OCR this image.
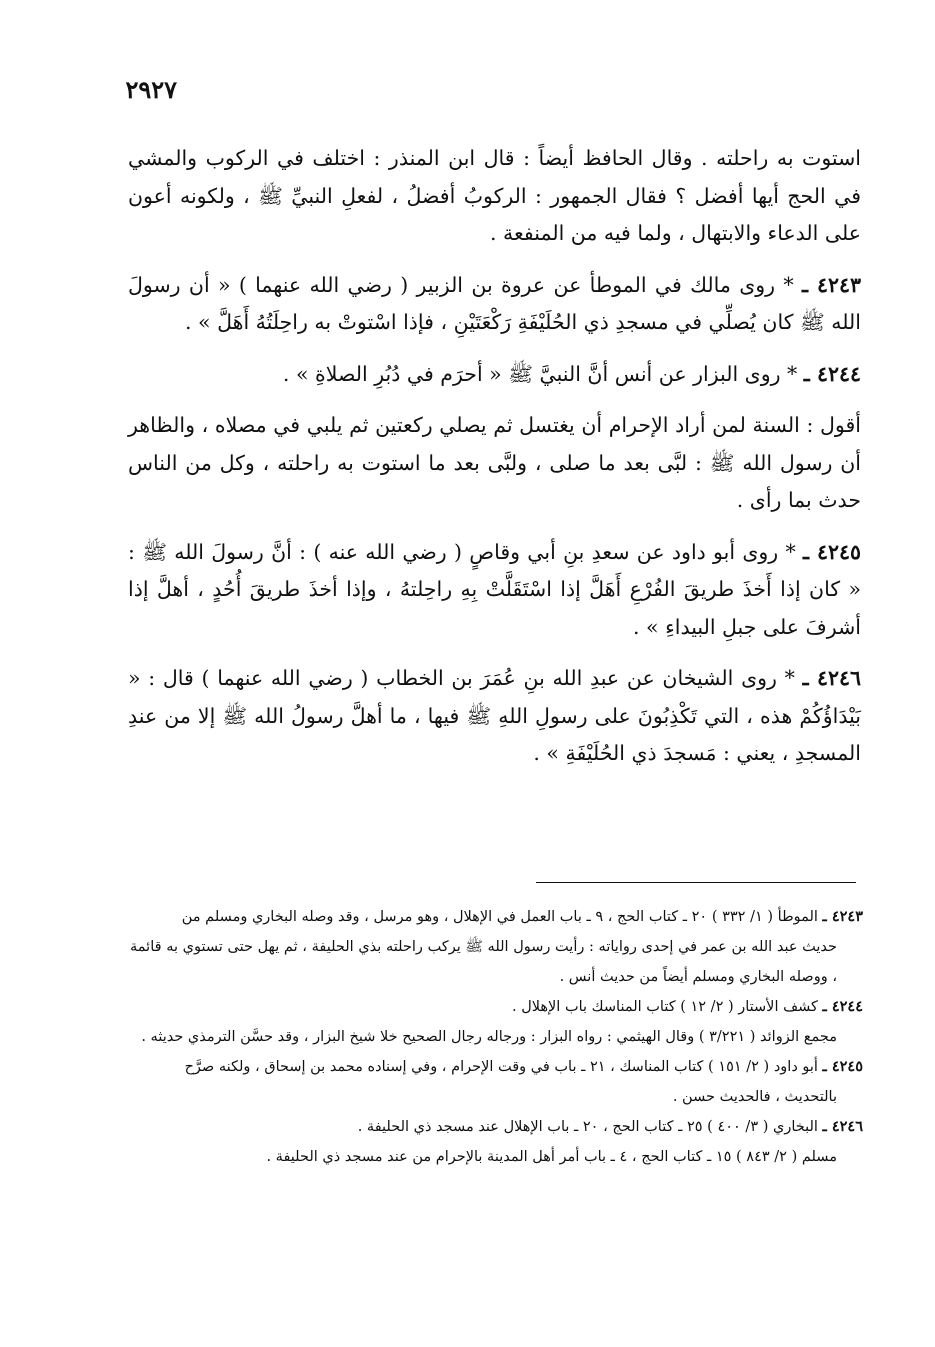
٢٩٢٧

استوت به راحلته . وقال الحافظ أيضاً : قال ابن المنذر : اختلف في الركوب والمشي في الحج أيها أفضل ؟ فقال الجمهور : الركوبُ أفضلُ ، لفعلِ النبيِّ ﷺ ، ولكونه أعون على الدعاء والابتهال ، ولما فيه من المنفعة .

٤٢٤٣ ـ * روى مالك في الموطأ عن عروة بن الزبير ( رضي الله عنهما ) « أن رسولَ الله ﷺ كان يُصلِّي في مسجدِ ذي الحُلَيْفَةِ رَكْعَتَيْنِ ، فإذا اسْتوتْ به راحِلَتُهُ أَهَلَّ » .

٤٢٤٤ ـ * روى البزار عن أنس أنَّ النبيَّ ﷺ « أحرَم في دُبُرِ الصلاةِ » .

أقول : السنة لمن أراد الإحرام أن يغتسل ثم يصلي ركعتين ثم يلبي في مصلاه ، والظاهر أن رسول الله ﷺ : لبَّى بعد ما صلى ، ولبَّى بعد ما استوت به راحلته ، وكل من الناس حدث بما رأى .

٤٢٤٥ ـ * روى أبو داود عن سعدِ بنِ أبي وقاصٍ ( رضي الله عنه ) : أنَّ رسولَ الله ﷺ : « كان إذا أَخذَ طريقَ الفُرْعِ أَهَلَّ إذا اسْتَقَلَّتْ بِهِ راحِلتهُ ، وإذا أخذَ طريقَ أُحُدٍ ، أهلَّ إذا أشرفَ على جبلِ البيداءِ » .

٤٢٤٦ ـ * روى الشيخان عن عبدِ الله بنِ عُمَرَ بن الخطاب ( رضي الله عنهما ) قال : « بَيْدَاؤُكُمْ هذه ، التي تَكْذِبُونَ على رسولِ اللهِ ﷺ فيها ، ما أهلَّ رسولُ الله ﷺ إلا من عندِ المسجدِ ، يعني : مَسجدَ ذي الحُلَيْفَةِ » .

٤٢٤٣ ـ الموطأ ( ١/ ٣٣٢ ) ٢٠ ـ كتاب الحج ، ٩ ـ باب العمل في الإهلال ، وهو مرسل ، وقد وصله البخاري ومسلم من

حديث عبد الله بن عمر في إحدى رواياته : رأيت رسول الله ﷺ يركب راحلته بذي الحليفة ، ثم يهل حتى تستوي به قائمة ، ووصله البخاري ومسلم أيضاً من حديث أنس .

٤٢٤٤ ـ كشف الأستار ( ٢/ ١٢ ) كتاب المناسك باب الإهلال .

مجمع الزوائد ( ٣/٢٢١ ) وقال الهيثمي : رواه البزار : ورجاله رجال الصحيح خلا شيخ البزار ، وقد حسَّن الترمذي حديثه .

٤٢٤٥ ـ أبو داود ( ٢/ ١٥١ ) كتاب المناسك ، ٢١ ـ باب في وقت الإحرام ، وفي إسناده محمد بن إسحاق ، ولكنه صرَّح

بالتحديث ، فالحديث حسن .

٤٢٤٦ ـ البخاري ( ٣/ ٤٠٠ ) ٢٥ ـ كتاب الحج ، ٢٠ ـ باب الإهلال عند مسجد ذي الحليفة .

مسلم ( ٢/ ٨٤٣ ) ١٥ ـ كتاب الحج ، ٤ ـ باب أمر أهل المدينة بالإحرام من عند مسجد ذي الحليفة .
